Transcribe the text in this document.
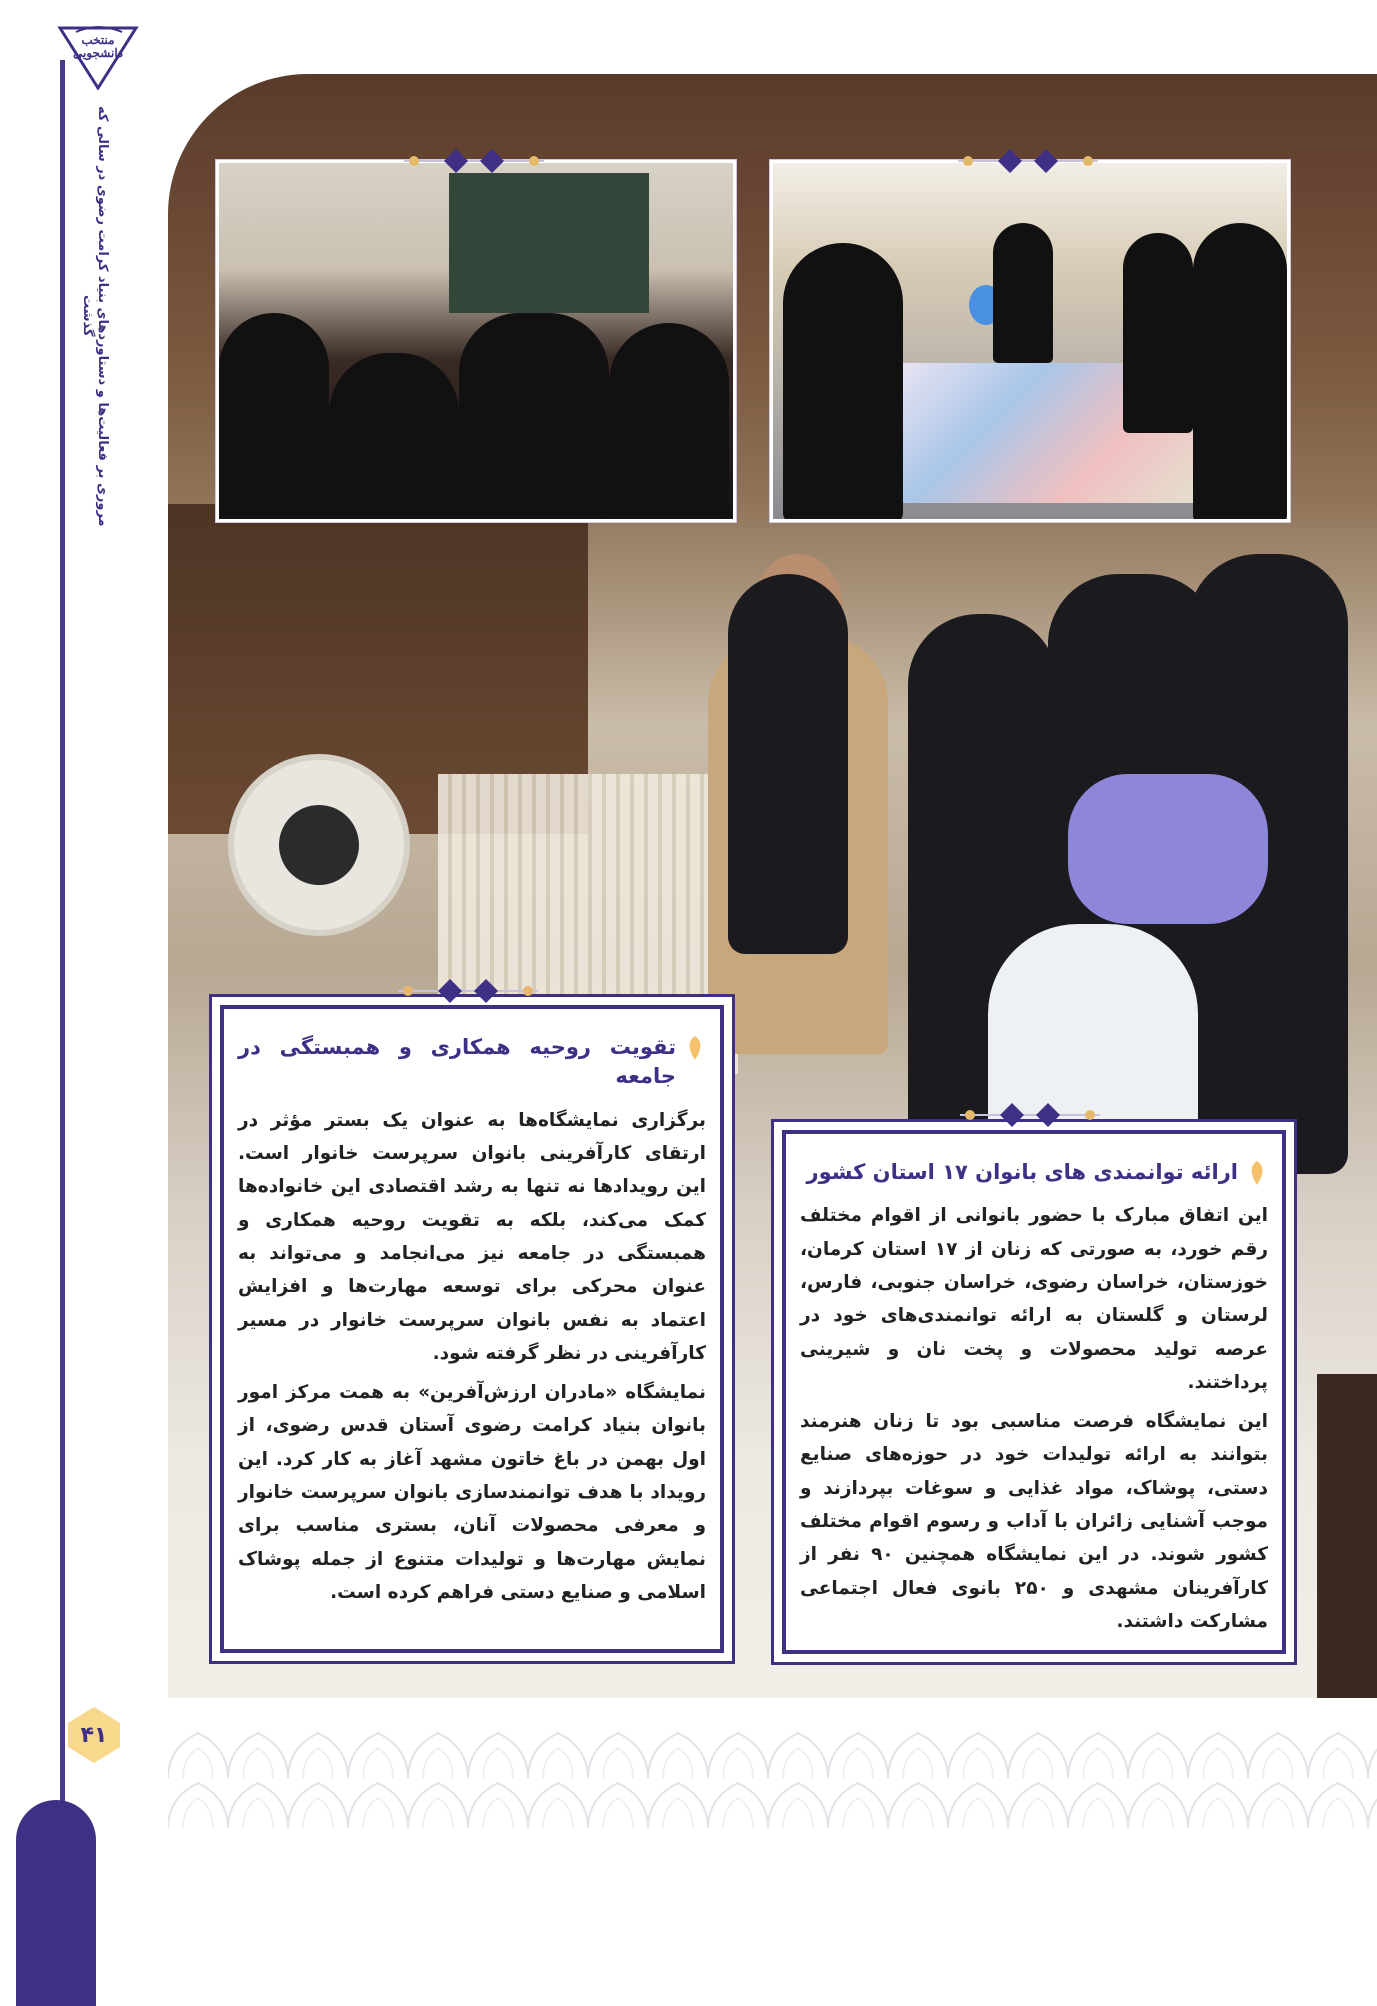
منتخب دانشجویی
مروری بر فعالیت‌ها و دستاوردهای بنیاد کرامت رضوی در سالی که گذشت
۴۱
تقویت روحیه همکاری و همبستگی در جامعه

برگزاری نمایشگاه‌ها به عنوان یک بستر مؤثر در ارتقای کارآفرینی بانوان سرپرست خانوار است. این رویدادها نه تنها به رشد اقتصادی این خانواده‌ها کمک می‌کند، بلکه به تقویت روحیه همکاری و همبستگی در جامعه نیز می‌انجامد و می‌تواند به عنوان محرکی برای توسعه مهارت‌ها و افزایش اعتماد به نفس بانوان سرپرست خانوار در مسیر کارآفرینی در نظر گرفته شود.

نمایشگاه «مادران ارزش‌آفرین» به همت مرکز امور بانوان بنیاد کرامت رضوی آستان قدس رضوی، از اول بهمن در باغ خاتون مشهد آغاز به کار کرد. این رویداد با هدف توانمندسازی بانوان سرپرست خانوار و معرفی محصولات آنان، بستری مناسب برای نمایش مهارت‌ها و تولیدات متنوع از جمله پوشاک اسلامی و صنایع دستی فراهم کرده است.

ارائه توانمندی های بانوان ۱۷ استان کشور

این اتفاق مبارک با حضور بانوانی از اقوام مختلف رقم خورد، به صورتی که زنان از ۱۷ استان کرمان، خوزستان، خراسان رضوی، خراسان جنوبی، فارس، لرستان و گلستان به ارائه توانمندی‌های خود در عرصه تولید محصولات و پخت نان و شیرینی پرداختند.

این نمایشگاه فرصت مناسبی بود تا زنان هنرمند بتوانند به ارائه تولیدات خود در حوزه‌های صنایع دستی، پوشاک، مواد غذایی و سوغات بپردازند و موجب آشنایی زائران با آداب و رسوم اقوام مختلف کشور شوند. در این نمایشگاه همچنین ۹۰ نفر از کارآفرینان مشهدی و ۲۵۰ بانوی فعال اجتماعی مشارکت داشتند.
